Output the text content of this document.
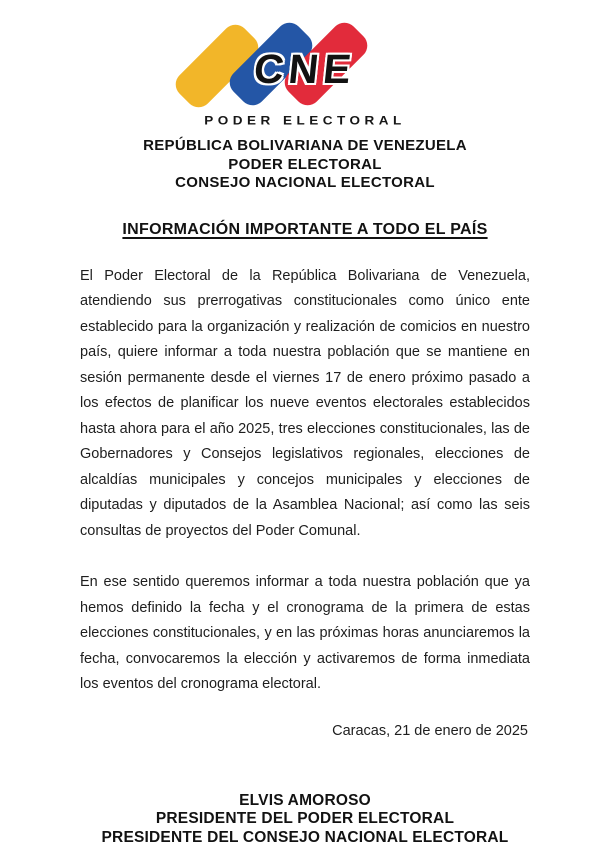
CNE
PODER ELECTORAL
REPÚBLICA BOLIVARIANA DE VENEZUELA
PODER ELECTORAL
CONSEJO NACIONAL ELECTORAL
INFORMACIÓN IMPORTANTE A TODO EL PAÍS

El Poder Electoral de la República Bolivariana de Venezuela, atendiendo sus prerrogativas constitucionales como único ente establecido para la organización y realización de comicios en nuestro país, quiere informar a toda nuestra población que se mantiene en sesión permanente desde el viernes 17 de enero próximo pasado a los efectos de planificar los nueve eventos electorales establecidos hasta ahora para el año 2025, tres elecciones constitucionales, las de Gobernadores y Consejos legislativos regionales, elecciones de alcaldías municipales y concejos municipales y elecciones de diputadas y diputados de la Asamblea Nacional; así como las seis consultas de proyectos del Poder Comunal.

En ese sentido queremos informar a toda nuestra población que ya hemos definido la fecha y el cronograma de la primera de estas elecciones constitucionales, y en las próximas horas anunciaremos la fecha, convocaremos la elección y activaremos de forma inmediata los eventos del cronograma electoral.

Caracas, 21 de enero de 2025
ELVIS AMOROSO
PRESIDENTE DEL PODER ELECTORAL
PRESIDENTE DEL CONSEJO NACIONAL ELECTORAL
